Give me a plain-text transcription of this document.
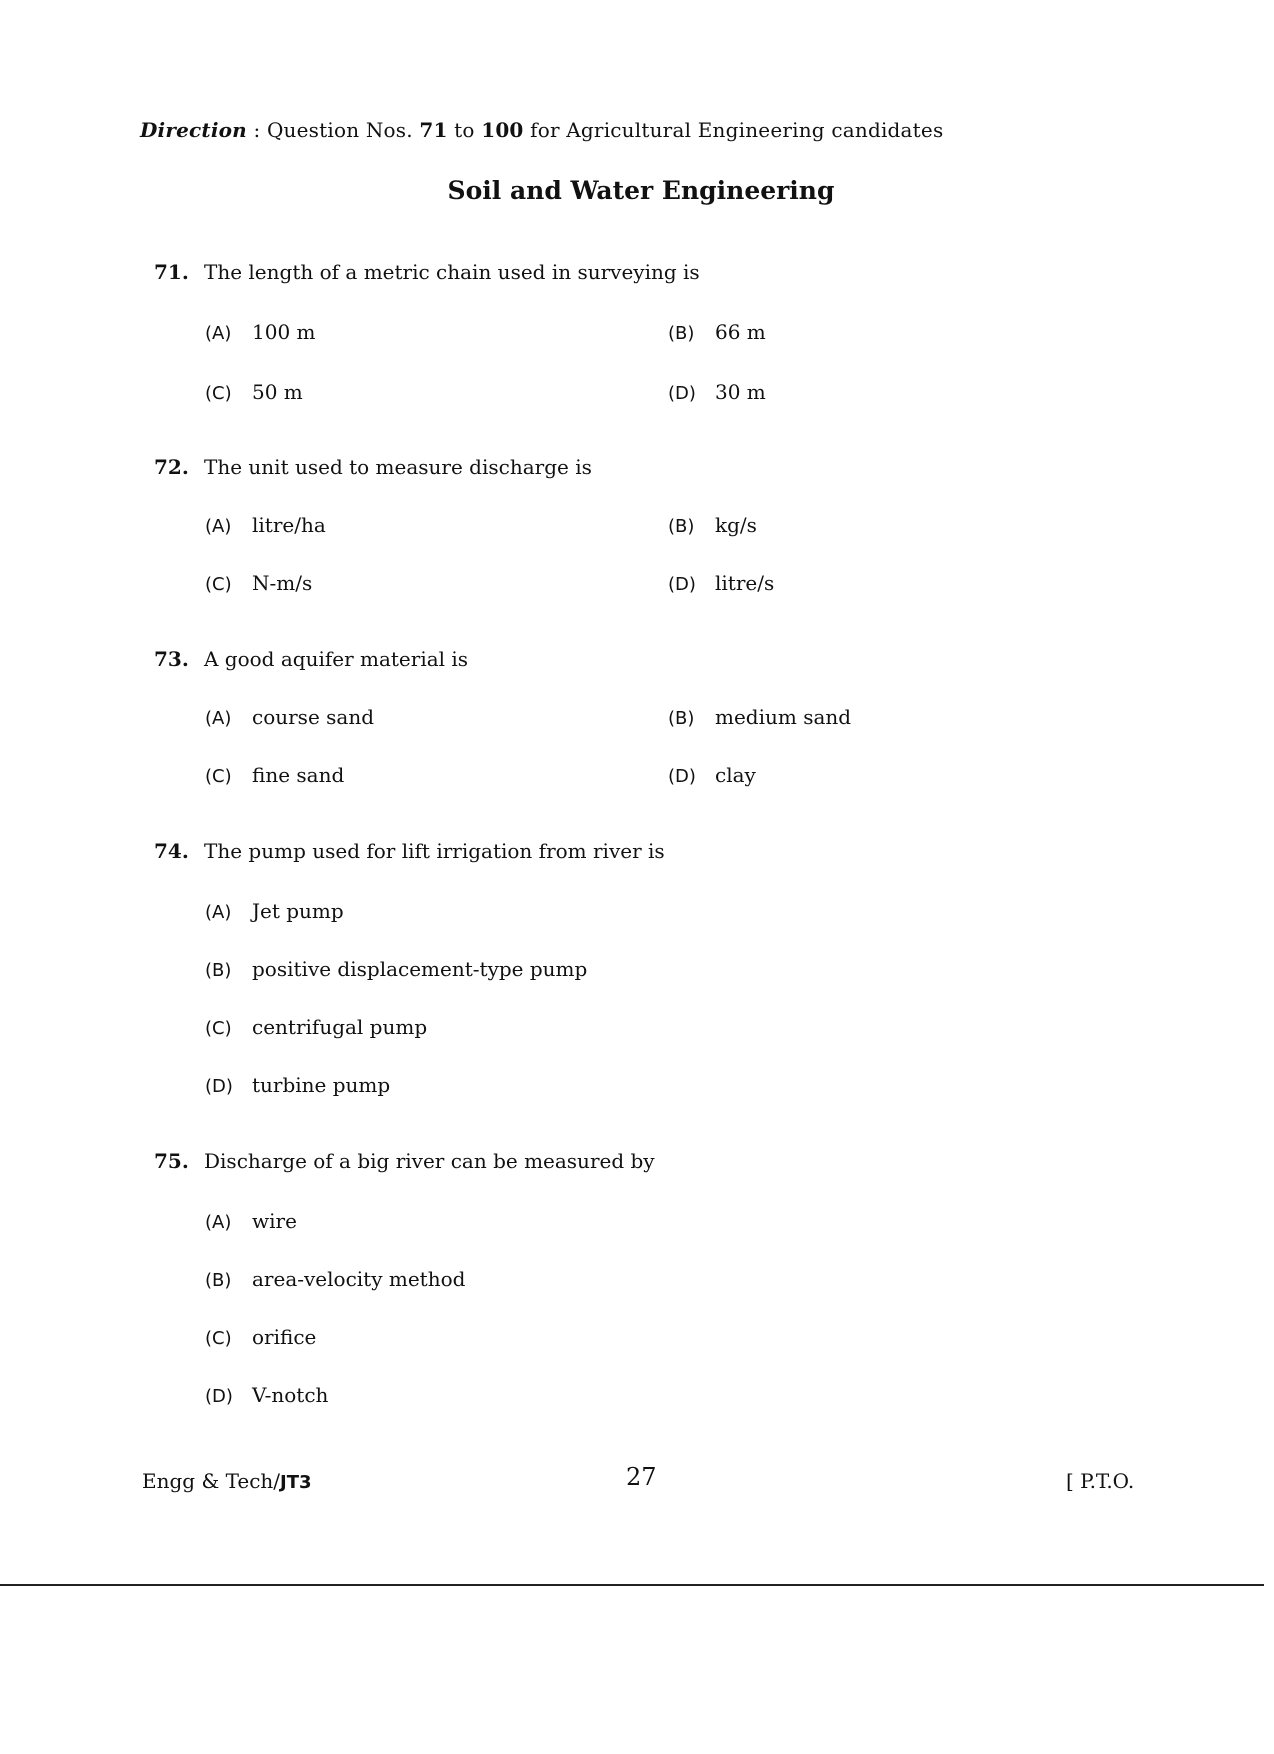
Direction : Question Nos. 71 to 100 for Agricultural Engineering candidates
Soil and Water Engineering
71. The length of a metric chain used in surveying is
(A) 100 m	(B) 66 m
(C) 50 m	(D) 30 m
72. The unit used to measure discharge is
(A) litre/ha	(B) kg/s
(C) N-m/s	(D) litre/s
73. A good aquifer material is
(A) course sand	(B) medium sand
(C) fine sand	(D) clay
74. The pump used for lift irrigation from river is
(A) Jet pump
(B) positive displacement-type pump
(C) centrifugal pump
(D) turbine pump
75. Discharge of a big river can be measured by
(A) wire
(B) area-velocity method
(C) orifice
(D) V-notch
Engg & Tech/JT3	27	[ P.T.O.
